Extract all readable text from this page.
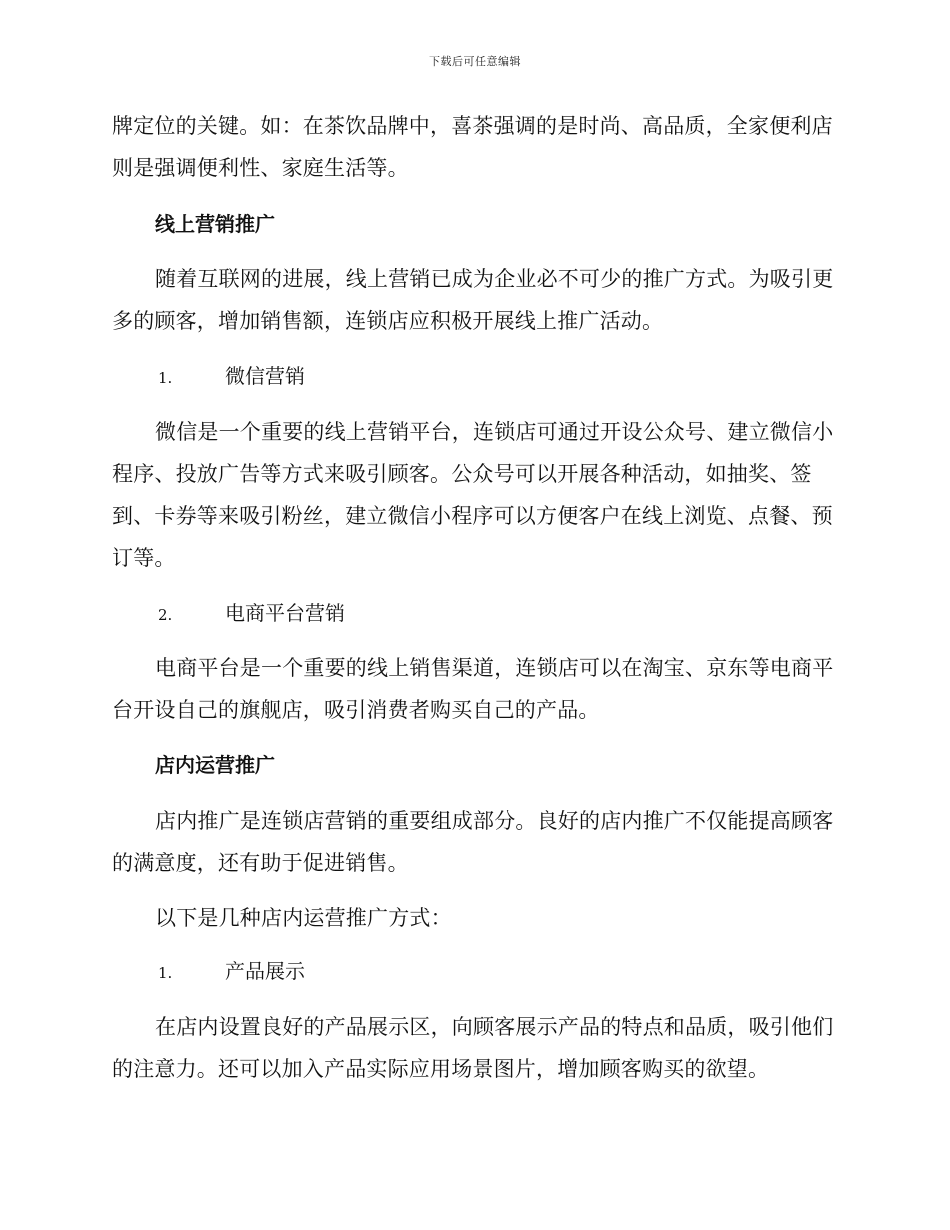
下载后可任意编辑
牌定位的关键。如：在茶饮品牌中，喜茶强调的是时尚、高品质，全家便利店则是强调便利性、家庭生活等。
线上营销推广
随着互联网的进展，线上营销已成为企业必不可少的推广方式。为吸引更多的顾客，增加销售额，连锁店应积极开展线上推广活动。
1.	微信营销
微信是一个重要的线上营销平台，连锁店可通过开设公众号、建立微信小程序、投放广告等方式来吸引顾客。公众号可以开展各种活动，如抽奖、签到、卡券等来吸引粉丝，建立微信小程序可以方便客户在线上浏览、点餐、预订等。
2.	电商平台营销
电商平台是一个重要的线上销售渠道，连锁店可以在淘宝、京东等电商平台开设自己的旗舰店，吸引消费者购买自己的产品。
店内运营推广
店内推广是连锁店营销的重要组成部分。良好的店内推广不仅能提高顾客的满意度，还有助于促进销售。
以下是几种店内运营推广方式：
1.	产品展示
在店内设置良好的产品展示区，向顾客展示产品的特点和品质，吸引他们的注意力。还可以加入产品实际应用场景图片，增加顾客购买的欲望。
